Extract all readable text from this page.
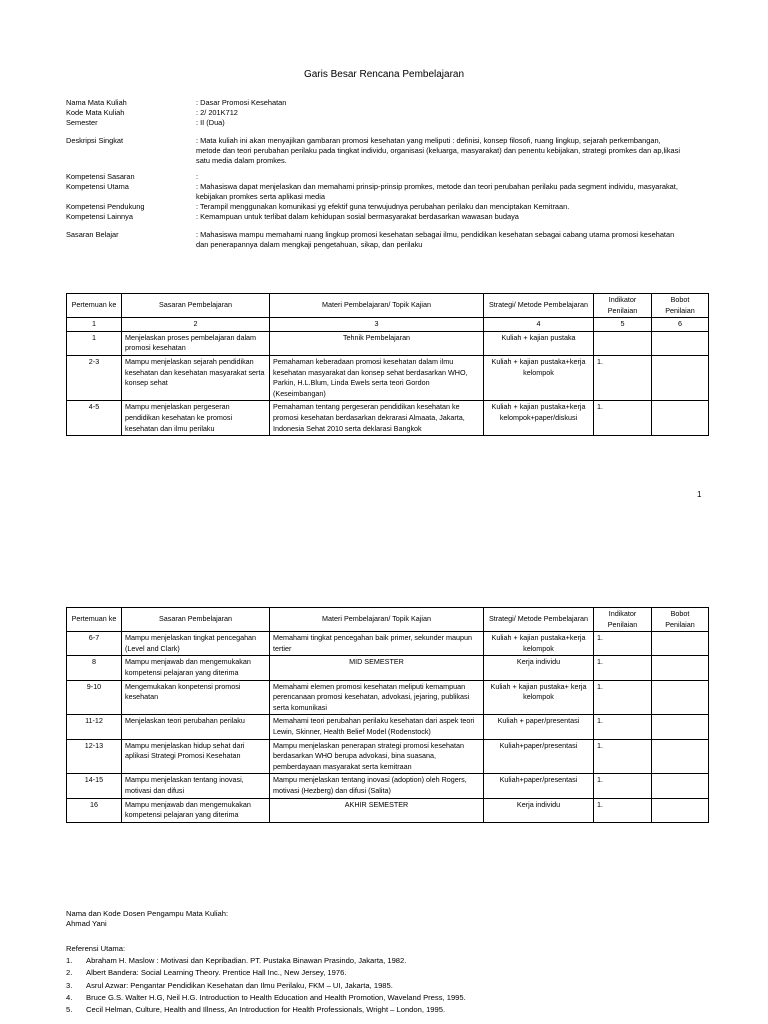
Garis Besar Rencana Pembelajaran
Nama Mata Kuliah	: Dasar Promosi Kesehatan
Kode Mata Kuliah	: 2/ 201K712
Semester	: II (Dua)
Deskripsi Singkat	: Mata kuliah ini akan menyajikan gambaran promosi kesehatan yang meliputi : definisi, konsep filosofi, ruang lingkup, sejarah perkembangan, metode dan teori perubahan perilaku pada tingkat individu, organisasi (keluarga, masyarakat) dan penentu kebijakan, strategi promkes dan ap,likasi satu media dalam promkes.
Kompetensi Sasaran	:
Kompetensi Utama	: Mahasiswa dapat menjelaskan dan memahami prinsip-prinsip promkes, metode dan teori perubahan perilaku pada segment individu, masyarakat, kebijakan promkes serta aplikasi media
Kompetensi Pendukung	: Terampil menggunakan komunikasi yg efektif guna terwujudnya perubahan perilaku dan menciptakan Kemitraan.
Kompetensi Lainnya	: Kemampuan untuk terlibat dalam kehidupan sosial bermasyarakat berdasarkan wawasan budaya
Sasaran Belajar	: Mahasiswa mampu memahami ruang lingkup promosi kesehatan sebagai ilmu, pendidikan kesehatan sebagai cabang utama promosi kesehatan dan penerapannya dalam mengkaji pengetahuan, sikap, dan perilaku
Pertemuan ke	Sasaran Pembelajaran	Materi Pembelajaran/ Topik Kajian	Strategi/ Metode Pembelajaran	Indikator Penilaian	Bobot Penilaian
1	2	3	4	5	6
1	Menjelaskan proses pembelajaran dalam promosi kesehatan	Tehnik Pembelajaran	Kuliah + kajian pustaka		
2-3	Mampu menjelaskan sejarah pendidikan kesehatan dan kesehatan masyarakat serta konsep sehat	Pemahaman keberadaan promosi kesehatan dalam ilmu kesehatan masyarakat dan konsep sehat berdasarkan WHO, Parkin, H.L.Blum, Linda Ewels serta teori Gordon (Keseimbangan)	Kuliah + kajian pustaka+kerja kelompok	1.	
4-5	Mampu menjelaskan pergeseran pendidikan kesehatan ke promosi kesehatan dan ilmu perilaku	Pemahaman tentang pergeseran pendidikan kesehatan ke promosi kesehatan berdasarkan dekrarasi Almaata, Jakarta, Indonesia Sehat 2010 serta deklarasi Bangkok	Kuliah + kajian pustaka+kerja kelompok+paper/diskusi	1.	
1
Pertemuan ke	Sasaran Pembelajaran	Materi Pembelajaran/ Topik Kajian	Strategi/ Metode Pembelajaran	Indikator Penilaian	Bobot Penilaian
6-7	Mampu menjelaskan tingkat pencegahan (Level and Clark)	Memahami tingkat pencegahan baik primer, sekunder maupun tertier	Kuliah + kajian pustaka+kerja kelompok	1.	
8	Mampu menjawab dan mengemukakan kompetensi pelajaran yang diterima	MID SEMESTER	Kerja individu	1.	
9-10	Mengemukakan konpetensi promosi kesehatan	Memahami elemen promosi kesehatan meliputi kemampuan perencanaan promosi kesehatan, advokasi, jejaring, publikasi serta komunikasi	Kuliah + kajian pustaka+ kerja kelompok	1.	
11-12	Menjelaskan teori perubahan perilaku	Memahami teori perubahan perilaku kesehatan dari aspek teori Lewin, Skinner, Health Belief Model (Rodenstock)	Kuliah + paper/presentasi	1.	
12-13	Mampu menjelaskan hidup sehat dari aplikasi Strategi Promosi Kesehatan	Mampu menjelaskan penerapan strategi promosi kesehatan berdasarkan WHO berupa advokasi, bina suasana, pemberdayaan masyarakat serta kemitraan	Kuliah+paper/presentasi	1.	
14-15	Mampu menjelaskan tentang inovasi, motivasi dan difusi	Mampu menjelaskan tentang inovasi (adoption) oleh Rogers, motivasi (Hezberg) dan difusi (Salita)	Kuliah+paper/presentasi	1.	
16	Mampu menjawab dan mengemukakan kompetensi pelajaran yang diterima	AKHIR SEMESTER	Kerja individu	1.	
Nama dan Kode Dosen Pengampu Mata Kuliah:
Ahmad Yani
Referensi Utama:
1.	Abraham H. Maslow : Motivasi dan Kepribadian. PT. Pustaka Binawan Prasindo, Jakarta, 1982.
2.	Albert Bandera: Social Learning Theory. Prentice Hall Inc., New Jersey, 1976.
3.	Asrul Azwar: Pengantar Pendidikan Kesehatan dan Ilmu Perilaku, FKM – UI, Jakarta, 1985.
4.	Bruce G.S. Walter H.G, Neil H.G. Introduction to Health Education and Health Promotion, Waveland Press, 1995.
5.	Cecil Helman, Culture, Health and Illness, An Introduction for Health Professionals, Wright – London, 1995.
